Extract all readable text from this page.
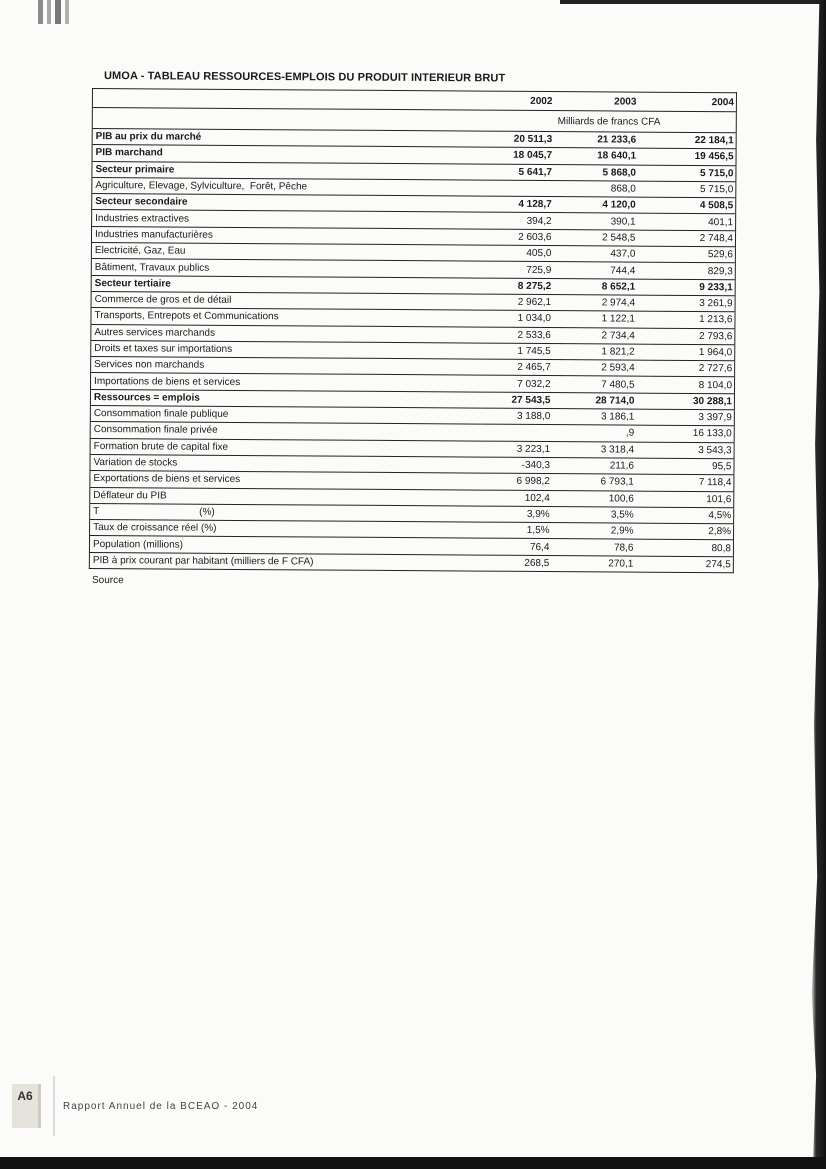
UMOA - TABLEAU RESSOURCES-EMPLOIS DU PRODUIT INTERIEUR BRUT
	2002	2003	2004
	Milliards de francs CFA		
PIB au prix du marché	20 511,3	21 233,6	22 184,1
PIB marchand	18 045,7	18 640,1	19 456,5
Secteur primaire	5 641,7	5 868,0	5 715,0
Agriculture, Elevage, Sylviculture,  Forêt, Pêche		868,0	5 715,0
Secteur secondaire	4 128,7	4 120,0	4 508,5
Industries extractives	394,2	390,1	401,1
Industries manufacturières	2 603,6	2 548,5	2 748,4
Electricité, Gaz, Eau	405,0	437,0	529,6
Bâtiment, Travaux publics	725,9	744,4	829,3
Secteur tertiaire	8 275,2	8 652,1	9 233,1
Commerce de gros et de détail	2 962,1	2 974,4	3 261,9
Transports, Entrepots et Communications	1 034,0	1 122,1	1 213,6
Autres services marchands	2 533,6	2 734,4	2 793,6
Droits et taxes sur importations	1 745,5	1 821,2	1 964,0
Services non marchands	2 465,7	2 593,4	2 727,6
Importations de biens et services	7 032,2	7 480,5	8 104,0
Ressources = emplois	27 543,5	28 714,0	30 288,1
Consommation finale publique	3 188,0	3 186,1	3 397,9
Consommation finale privée		,9	16 133,0
Formation brute de capital fixe	3 223,1	3 318,4	3 543,3
Variation de stocks	-340,3	211,6	95,5
Exportations de biens et services	6 998,2	6 793,1	7 118,4
Déflateur du PIB	102,4	100,6	101,6
T                                    (%)	3,9%	3,5%	4,5%
Taux de croissance réel (%)	1,5%	2,9%	2,8%
Population (millions)	76,4	78,6	80,8
PIB à prix courant par habitant (milliers de F CFA)	268,5	270,1	274,5
Source
A6
Rapport Annuel de la BCEAO - 2004
